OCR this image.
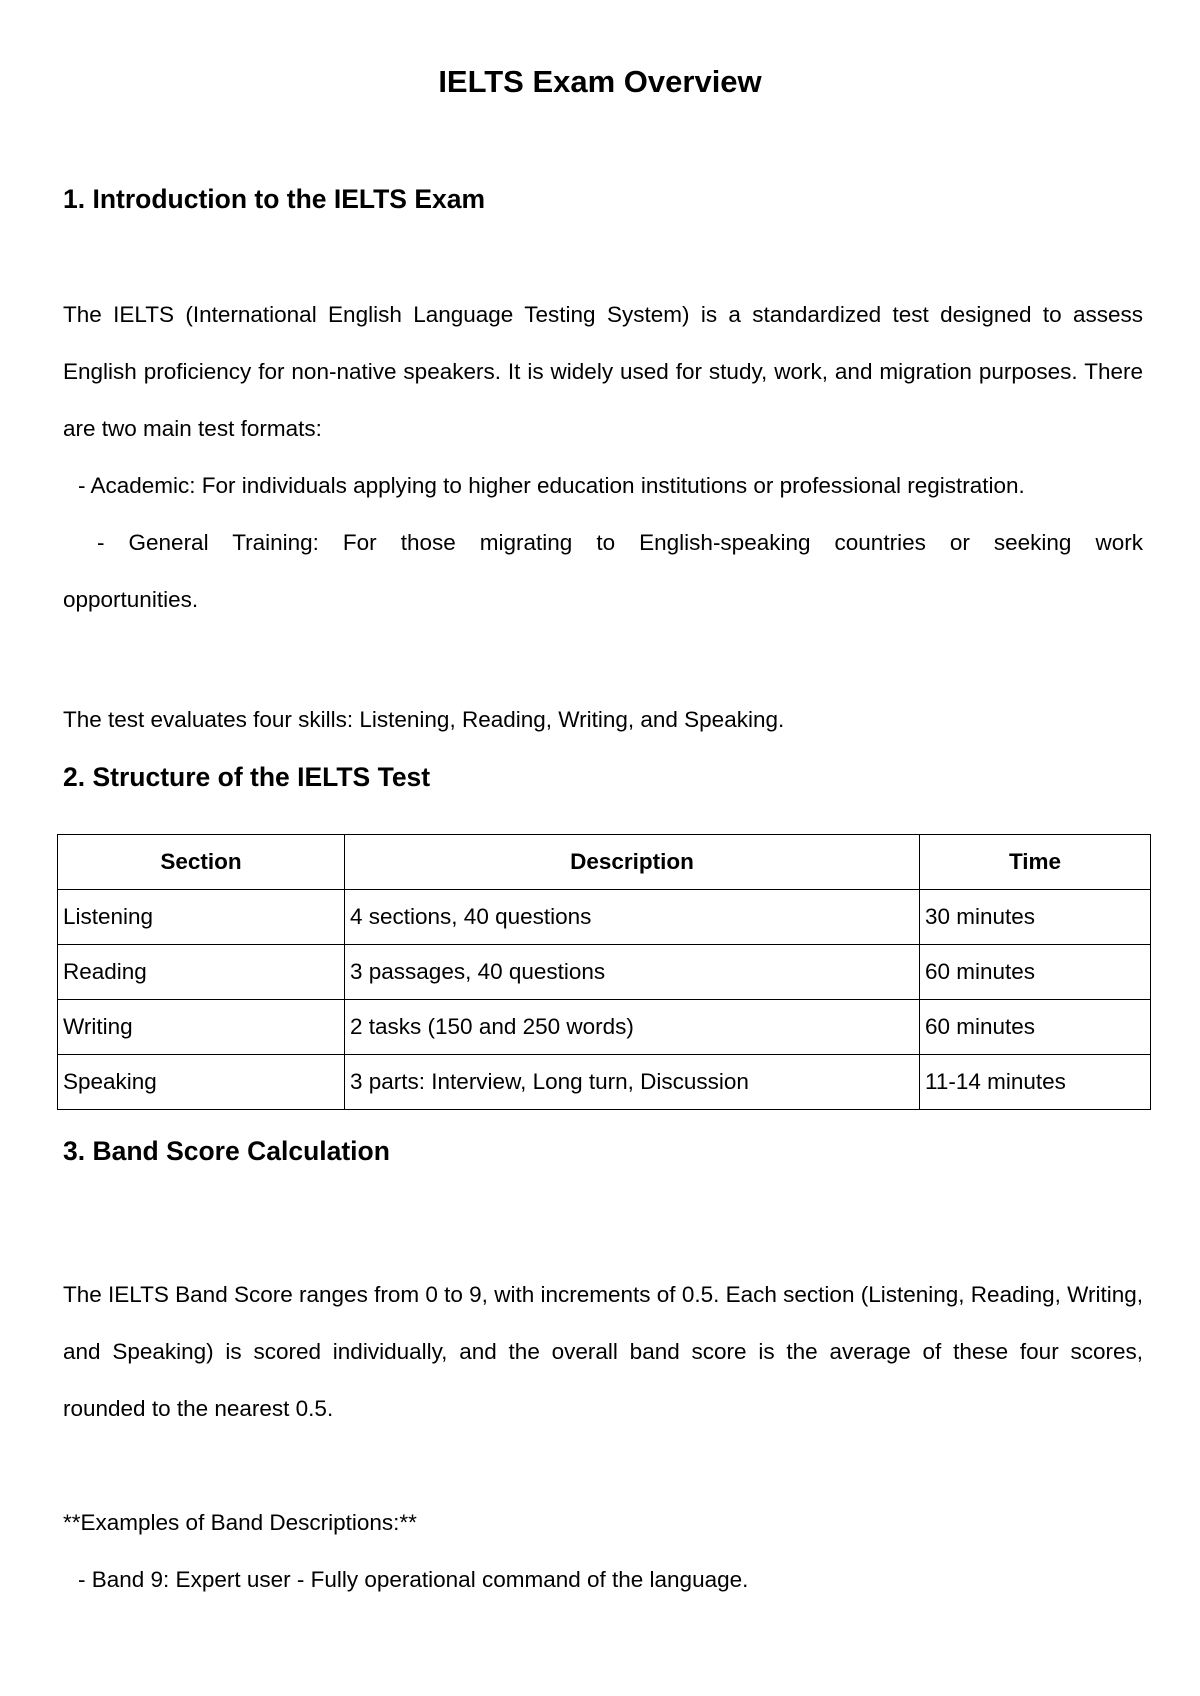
IELTS Exam Overview
1. Introduction to the IELTS Exam

The IELTS (International English Language Testing System) is a standardized test designed to assess English proficiency for non-native speakers. It is widely used for study, work, and migration purposes. There are two main test formats:

- Academic: For individuals applying to higher education institutions or professional registration.

- General Training: For those migrating to English-speaking countries or seeking work

opportunities.

The test evaluates four skills: Listening, Reading, Writing, and Speaking.

2. Structure of the IELTS Test
Section	Description	Time
Listening	4 sections, 40 questions	30 minutes
Reading	3 passages, 40 questions	60 minutes
Writing	2 tasks (150 and 250 words)	60 minutes
Speaking	3 parts: Interview, Long turn, Discussion	11-14 minutes
3. Band Score Calculation

The IELTS Band Score ranges from 0 to 9, with increments of 0.5. Each section (Listening, Reading, Writing, and Speaking) is scored individually, and the overall band score is the average of these four scores, rounded to the nearest 0.5.

**Examples of Band Descriptions:**

- Band 9: Expert user - Fully operational command of the language.
